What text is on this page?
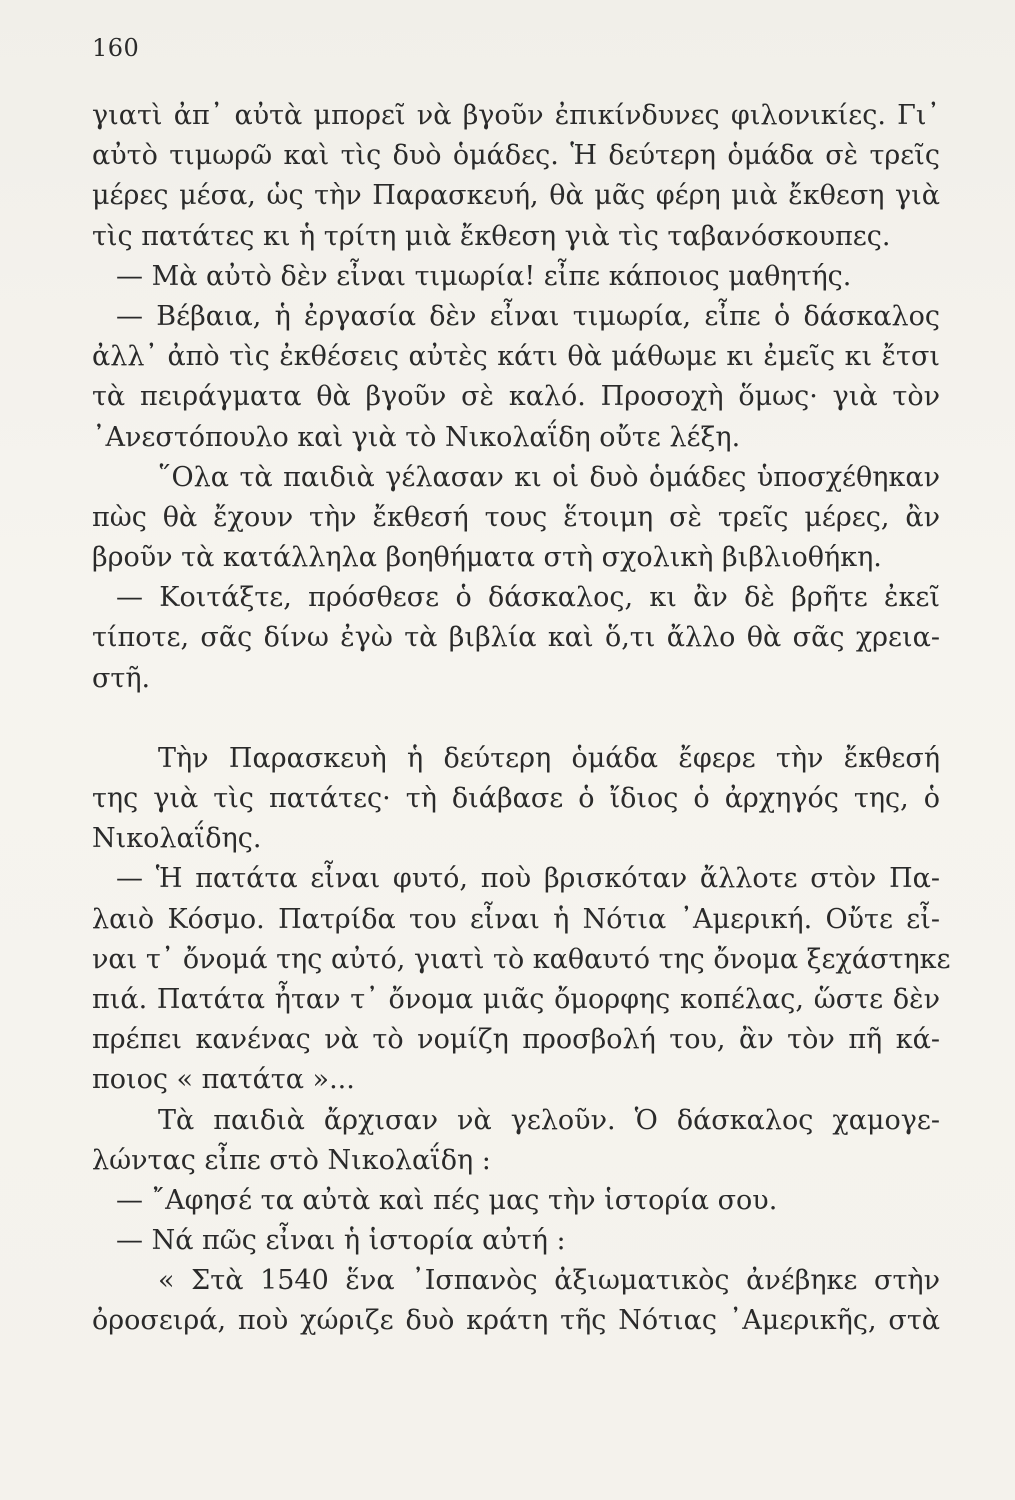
160
γιατὶ ἀπ᾽ αὐτὰ μπορεῖ νὰ βγοῦν ἐπικίνδυνες φιλονικίες. Γι᾽
αὐτὸ τιμωρῶ καὶ τὶς δυὸ ὁμάδες. Ἡ δεύτερη ὁμάδα σὲ τρεῖς
μέρες μέσα, ὡς τὴν Παρασκευή, θὰ μᾶς φέρη μιὰ ἔκθεση γιὰ
τὶς πατάτες κι ἡ τρίτη μιὰ ἔκθεση γιὰ τὶς ταβανόσκουπες.
— Μὰ αὐτὸ δὲν εἶναι τιμωρία! εἶπε κάποιος μαθητής.
— Βέβαια, ἡ ἐργασία δὲν εἶναι τιμωρία, εἶπε ὁ δάσκαλος
ἀλλ᾽ ἀπὸ τὶς ἐκθέσεις αὐτὲς κάτι θὰ μάθωμε κι ἐμεῖς κι ἔτσι
τὰ πειράγματα θὰ βγοῦν σὲ καλό. Προσοχὴ ὅμως· γιὰ τὸν
᾽Ανεστόπουλο καὶ γιὰ τὸ Νικολαΐδη οὔτε λέξη.
῞Ολα τὰ παιδιὰ γέλασαν κι οἱ δυὸ ὁμάδες ὑποσχέθηκαν
πὼς θὰ ἔχουν τὴν ἔκθεσή τους ἕτοιμη σὲ τρεῖς μέρες, ἂν
βροῦν τὰ κατάλληλα βοηθήματα στὴ σχολικὴ βιβλιοθήκη.
— Κοιτάξτε, πρόσθεσε ὁ δάσκαλος, κι ἂν δὲ βρῆτε ἐκεῖ
τίποτε, σᾶς δίνω ἐγὼ τὰ βιβλία καὶ ὅ,τι ἄλλο θὰ σᾶς χρεια-
στῆ.
Τὴν Παρασκευὴ ἡ δεύτερη ὁμάδα ἔφερε τὴν ἔκθεσή
της γιὰ τὶς πατάτες· τὴ διάβασε ὁ ἴδιος ὁ ἀρχηγός της, ὁ
Νικολαΐδης.
— Ἡ πατάτα εἶναι φυτό, ποὺ βρισκόταν ἄλλοτε στὸν Πα-
λαιὸ Κόσμο. Πατρίδα του εἶναι ἡ Νότια ᾽Αμερική. Οὔτε εἶ-
ναι τ᾽ ὄνομά της αὐτό, γιατὶ τὸ καθαυτό της ὄνομα ξεχάστηκε
πιά. Πατάτα ἦταν τ᾽ ὄνομα μιᾶς ὄμορφης κοπέλας, ὥστε δὲν
πρέπει κανένας νὰ τὸ νομίζη προσβολή του, ἂν τὸν πῆ κά-
ποιος « πατάτα »...
Τὰ παιδιὰ ἄρχισαν νὰ γελοῦν. Ὁ δάσκαλος χαμογε-
λώντας εἶπε στὸ Νικολαΐδη :
— ῎Αφησέ τα αὐτὰ καὶ πές μας τὴν ἱστορία σου.
— Νά πῶς εἶναι ἡ ἱστορία αὐτή :
« Στὰ 1540 ἕνα ᾽Ισπανὸς ἀξιωματικὸς ἀνέβηκε στὴν
ὀροσειρά, ποὺ χώριζε δυὸ κράτη τῆς Νότιας ᾽Αμερικῆς, στὰ
